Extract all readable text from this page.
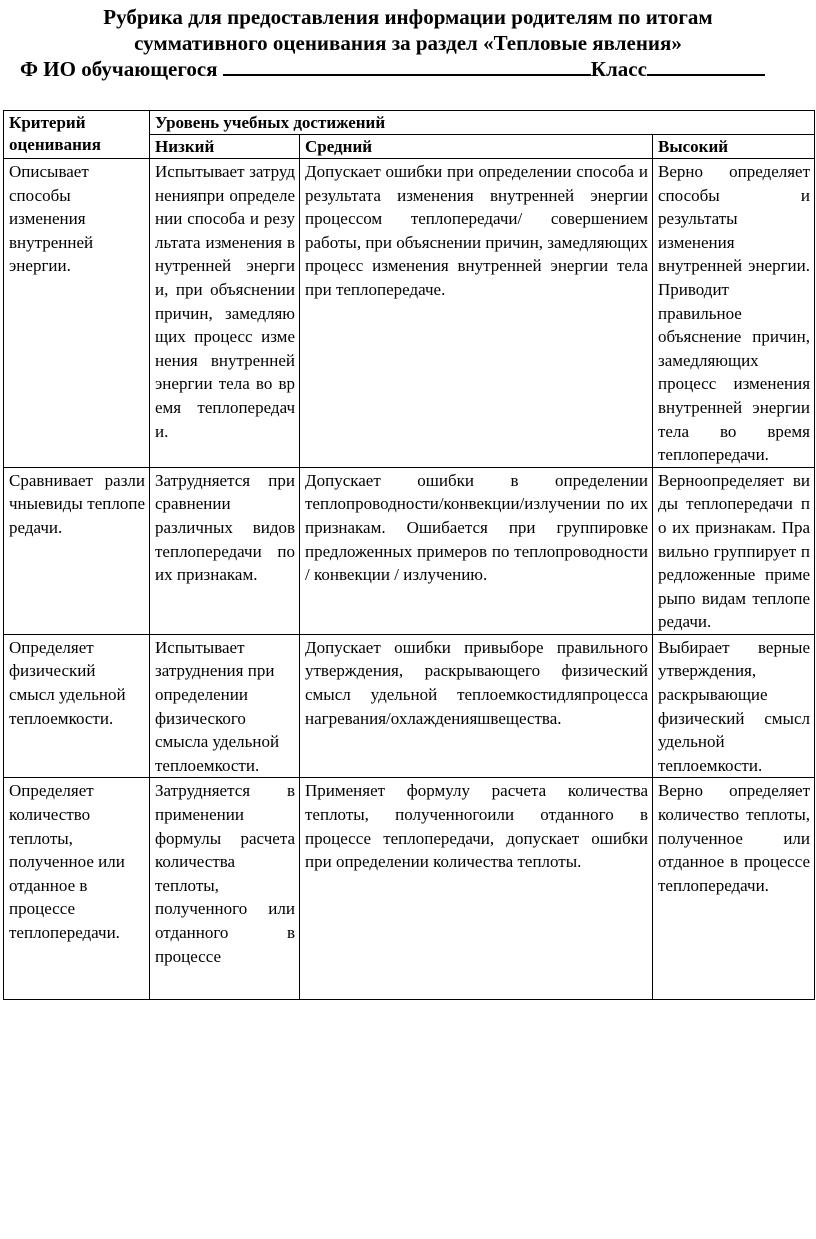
Рубрика для предоставления информации родителям по итогам
суммативного оценивания за раздел «Тепловые явления»
Ф ИО обучающегося	Класс
Критерий оценивания	Уровень учебных достижений		
	Низкий	Средний	Высокий
Описывает способы изменения внутренней энергии.	Испытывает затрудненияпри определении способа и результата изменения внутренней энергии, при объяснении причин, замедляющих процесс изменения внутренней энергии тела во время теплопередачи.	Допускает ошибки при определении способа и результата изменения внутренней энергии процессом теплопередачи/ совершением работы, при объяснении причин, замедляющих процесс изменения внутренней энергии тела при теплопередаче.	Верно определяет способы и результаты изменения внутренней энергии. Приводит правильное объяснение причин, замедляющих процесс изменения внутренней энергии тела во время теплопередачи.
Сравнивает различныевиды теплопередачи.	Затрудняется при сравнении различных видов теплопередачи по их признакам.	Допускает ошибки в определении теплопроводности/конвекции/излучении по их признакам. Ошибается при группировке предложенных примеров по теплопроводности / конвекции / излучению.	Верноопределяет виды теплопередачи по их признакам. Правильно группирует предложенные примерыпо видам теплопередачи.
Определяет физический смысл удельной теплоемкости.	Испытывает затруднения при определении физического смысла удельной теплоемкости.	Допускает ошибки привыборе правильного утверждения, раскрывающего физический смысл удельной теплоемкостидляпроцесса нагревания/охлажденияшвещества.	Выбирает верные утверждения, раскрывающие физический смысл удельной теплоемкости.

Определяет количество теплоты, полученное или отданное в процессе теплопередачи.	Затрудняется в применении формулы расчета количества теплоты, полученного или отданного в процессе	Применяет формулу расчета количества теплоты, полученногоили отданного в процессе теплопередачи, допускает ошибки при определении количества теплоты.	Верно определяет количество теплоты, полученное или отданное в процессе теплопередачи.
